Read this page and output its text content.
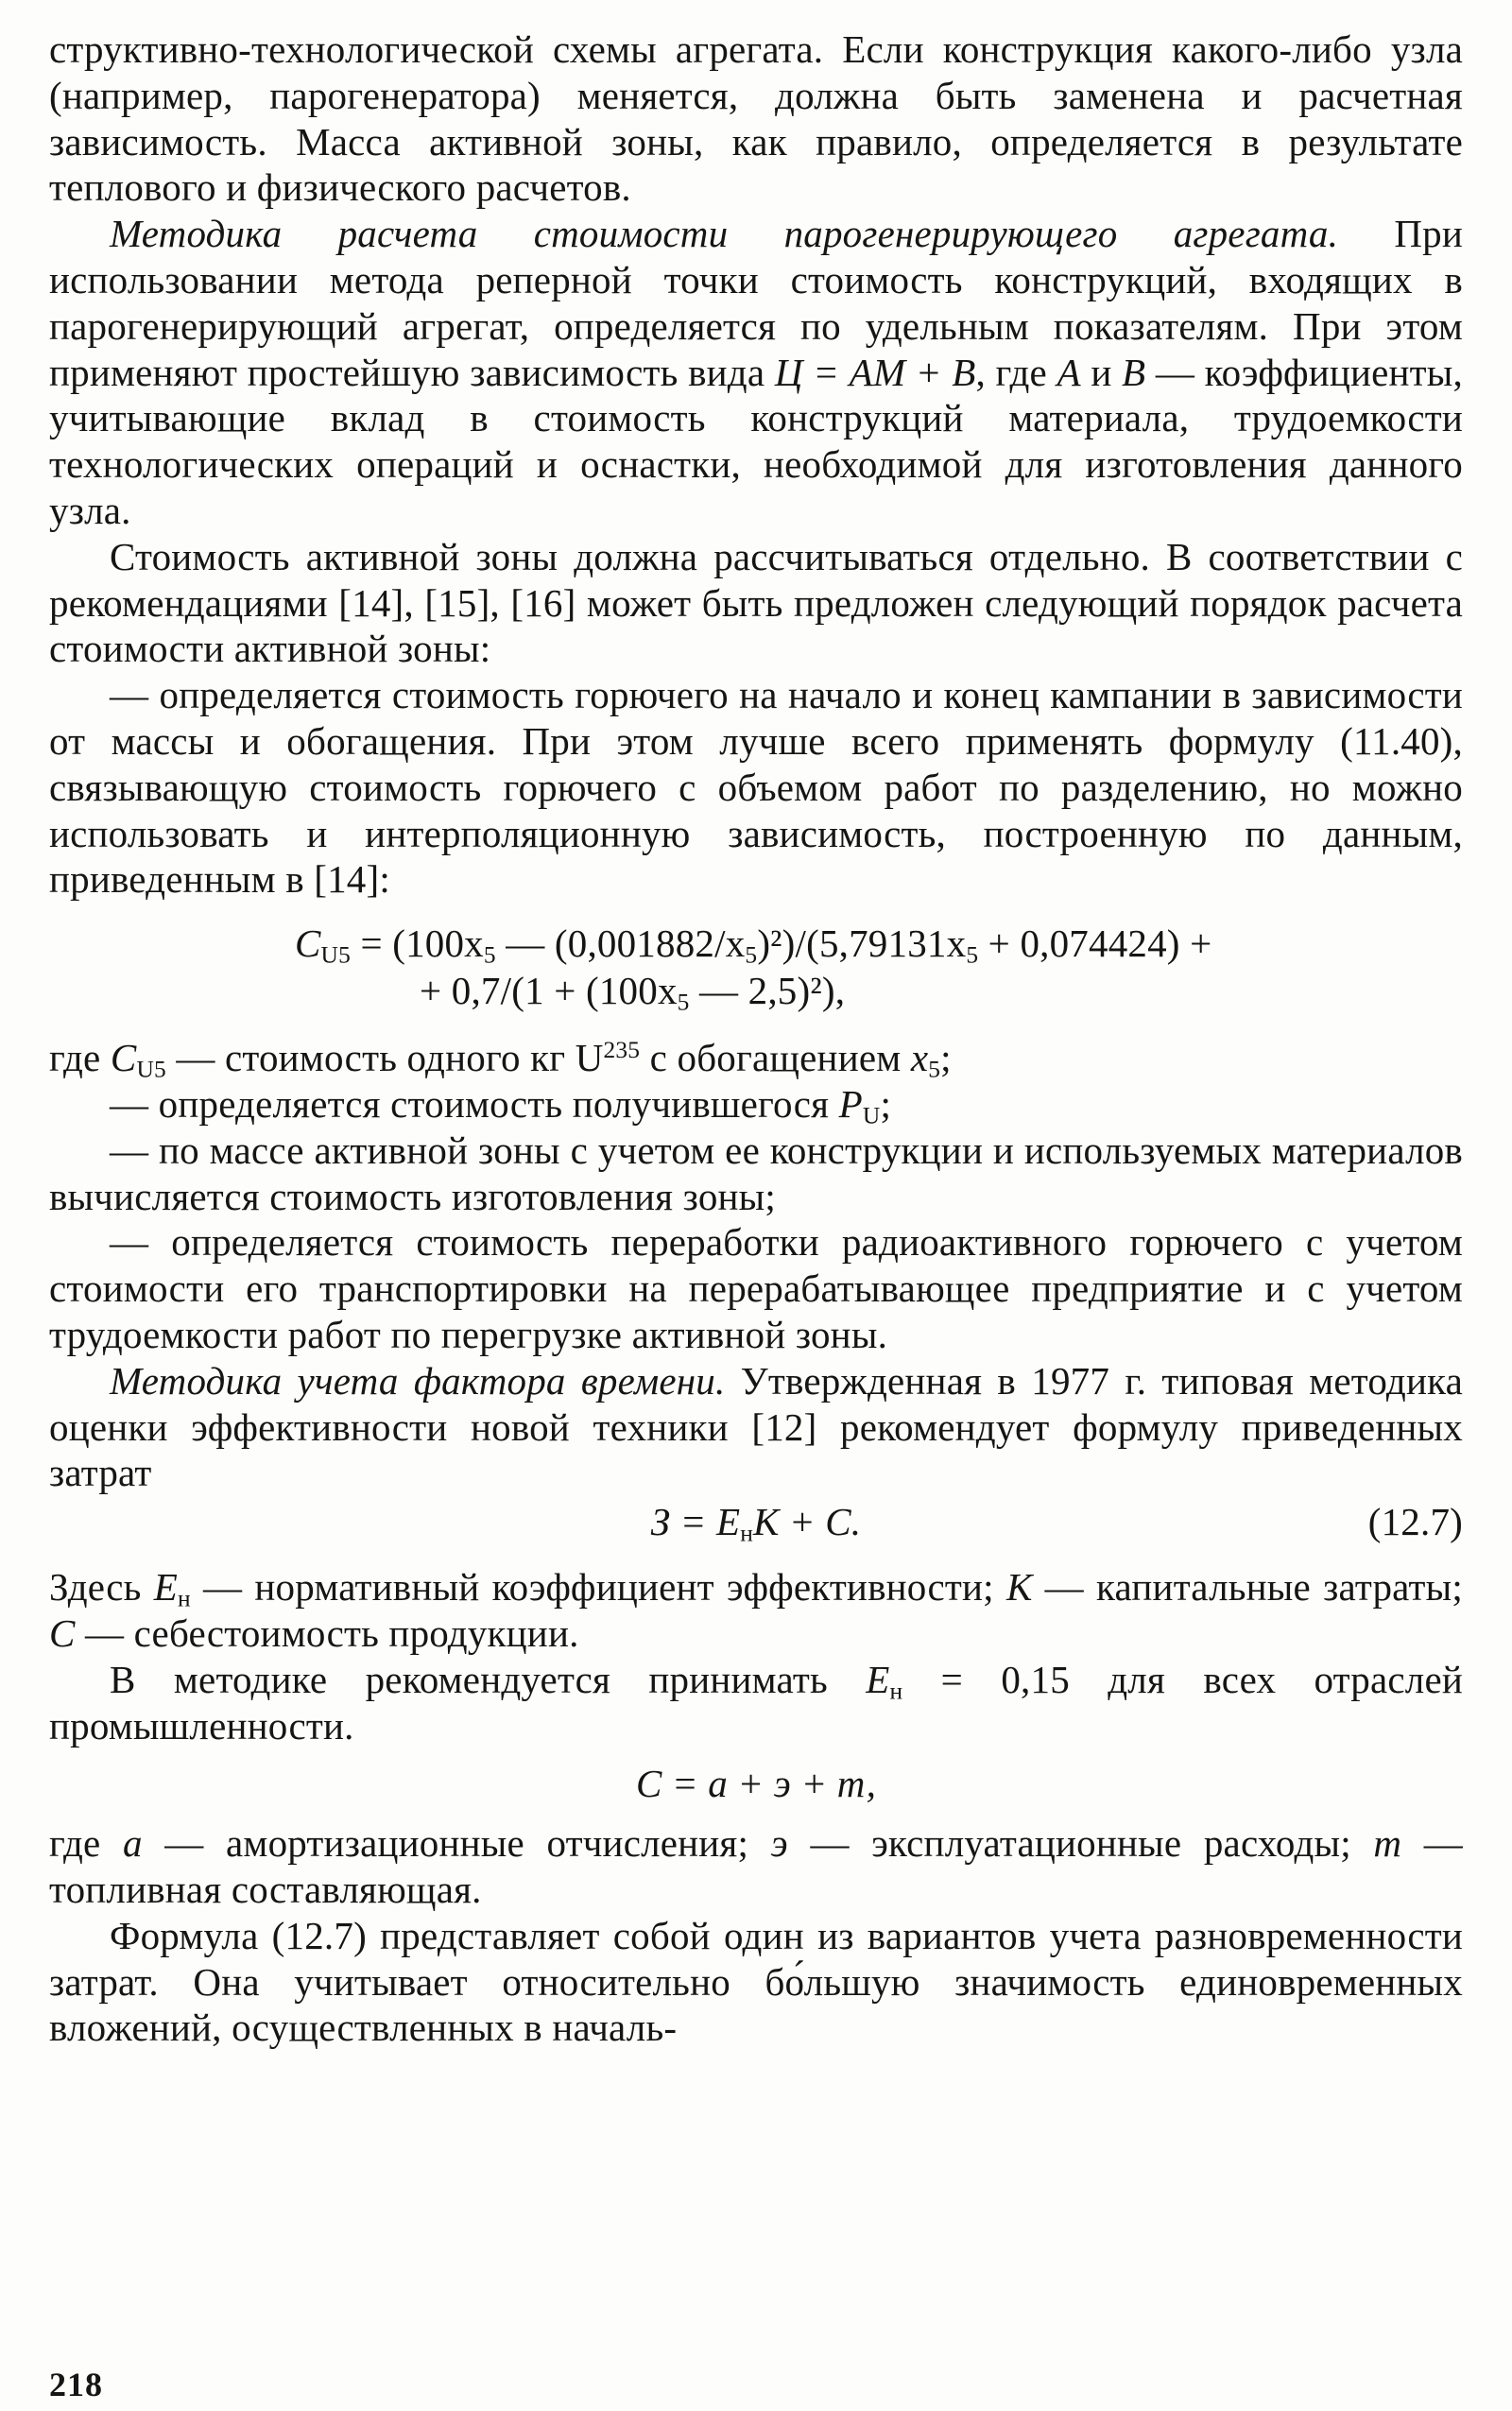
структивно-технологической схемы агрегата. Если конструкция какого-либо узла (например, парогенератора) меняется, должна быть заменена и расчетная зависимость. Масса активной зоны, как правило, определяется в результате теплового и физического расчетов.

Методика расчета стоимости парогенерирующего агрегата. При использовании метода реперной точки стоимость конструкций, входящих в парогенерирующий агрегат, определяется по удельным показателям. При этом применяют простейшую зависимость вида Ц = АМ + В, где А и В — коэффициенты, учитывающие вклад в стоимость конструкций материала, трудоемкости технологических операций и оснастки, необходимой для изготовления данного узла.

Стоимость активной зоны должна рассчитываться отдельно. В соответствии с рекомендациями [14], [15], [16] может быть предложен следующий порядок расчета стоимости активной зоны:

— определяется стоимость горючего на начало и конец кампании в зависимости от массы и обогащения. При этом лучше всего применять формулу (11.40), связывающую стоимость горючего с объемом работ по разделению, но можно использовать и интерполяционную зависимость, построенную по данным, приведенным в [14]:

$C_{U5} = (100x_5$ — $(0,001882/x_5)^2)/(5,79131x_5 + 0,074424)$ +
+ $0,7/(1 + (100x_5$ — 2,5)²),

где $C_{U5}$ — стоимость одного кг $U^{235}$ с обогащением $x_5$;

— определяется стоимость получившегося $P_U$;

— по массе активной зоны с учетом ее конструкции и используемых материалов вычисляется стоимость изготовления зоны;

— определяется стоимость переработки радиоактивного горючего с учетом стоимости его транспортировки на перерабатывающее предприятие и с учетом трудоемкости работ по перегрузке активной зоны.

Методика учета фактора времени. Утвержденная в 1977 г. типовая методика оценки эффективности новой техники [12] рекомендует формулу приведенных затрат

$З = Е_нК + С$.	(12.7)

Здесь $Е_н$ — нормативный коэффициент эффективности; К — капитальные затраты; С — себестоимость продукции.

В методике рекомендуется принимать $Е_н = 0,15$ для всех отраслей промышленности.

С = а + э + т,

где а — амортизационные отчисления; э — эксплуатационные расходы; т — топливная составляющая.

Формула (12.7) представляет собой один из вариантов учета разновременности затрат. Она учитывает относительно бо́льшую значимость единовременных вложений, осуществленных в началь-

218
